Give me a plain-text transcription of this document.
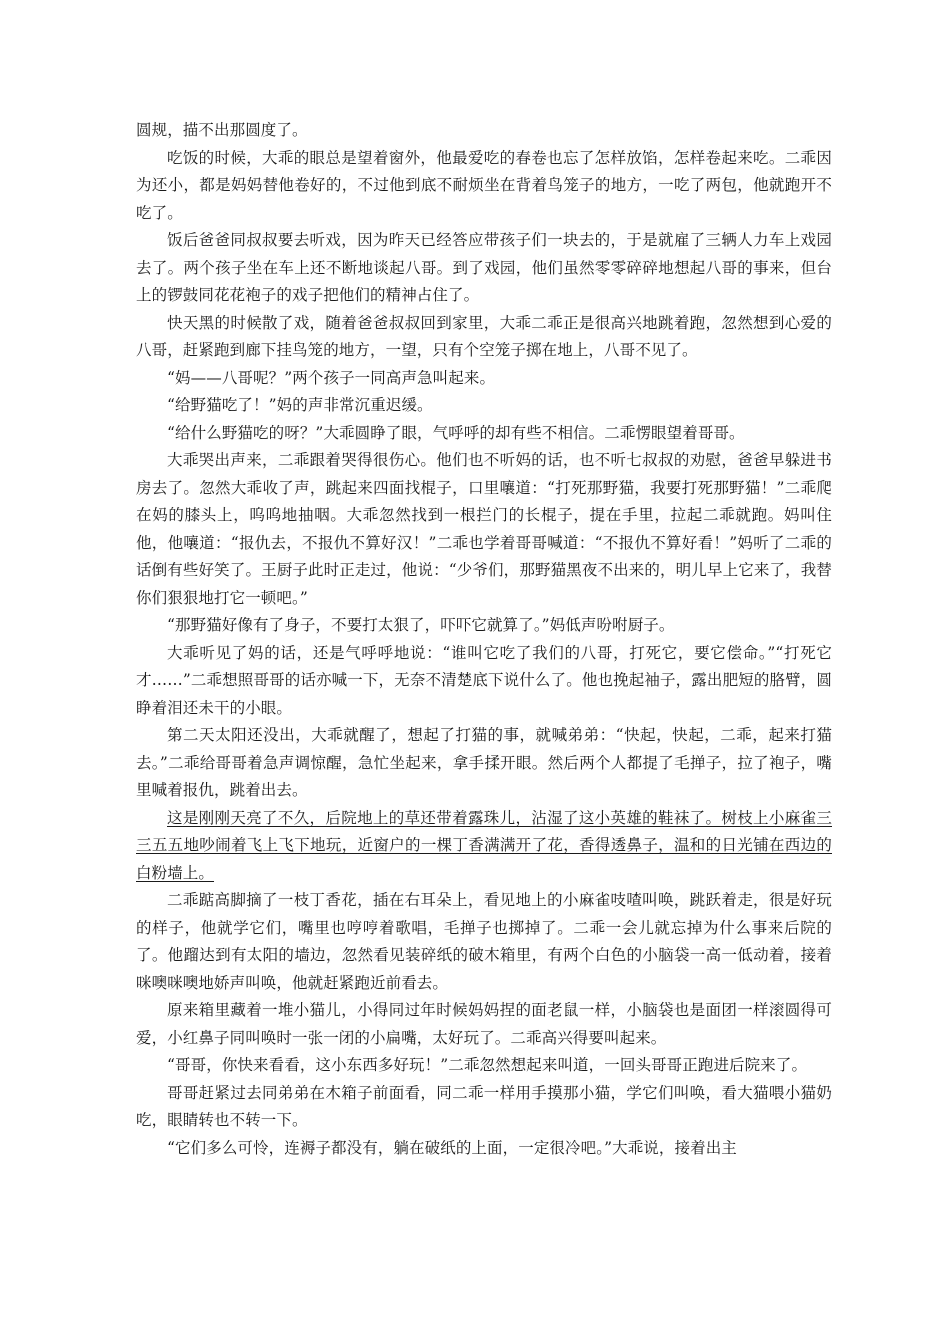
圆规，描不出那圆度了。

吃饭的时候，大乖的眼总是望着窗外，他最爱吃的春卷也忘了怎样放馅，怎样卷起来吃。二乖因为还小，都是妈妈替他卷好的，不过他到底不耐烦坐在背着鸟笼子的地方，一吃了两包，他就跑开不吃了。

饭后爸爸同叔叔要去听戏，因为昨天已经答应带孩子们一块去的，于是就雇了三辆人力车上戏园去了。两个孩子坐在车上还不断地谈起八哥。到了戏园，他们虽然零零碎碎地想起八哥的事来，但台上的锣鼓同花花袍子的戏子把他们的精神占住了。

快天黑的时候散了戏，随着爸爸叔叔回到家里，大乖二乖正是很高兴地跳着跑，忽然想到心爱的八哥，赶紧跑到廊下挂鸟笼的地方，一望，只有个空笼子掷在地上，八哥不见了。

“妈——八哥呢？”两个孩子一同高声急叫起来。

“给野猫吃了！”妈的声非常沉重迟缓。

“给什么野猫吃的呀？”大乖圆睁了眼，气呼呼的却有些不相信。二乖愣眼望着哥哥。

大乖哭出声来，二乖跟着哭得很伤心。他们也不听妈的话，也不听七叔叔的劝慰，爸爸早躲进书房去了。忽然大乖收了声，跳起来四面找棍子，口里嚷道：“打死那野猫，我要打死那野猫！”二乖爬在妈的膝头上，呜呜地抽咽。大乖忽然找到一根拦门的长棍子，提在手里，拉起二乖就跑。妈叫住他，他嚷道：“报仇去，不报仇不算好汉！”二乖也学着哥哥喊道：“不报仇不算好看！”妈听了二乖的话倒有些好笑了。王厨子此时正走过，他说：“少爷们，那野猫黑夜不出来的，明儿早上它来了，我替你们狠狠地打它一顿吧。”

“那野猫好像有了身子，不要打太狠了，吓吓它就算了。”妈低声吩咐厨子。

大乖听见了妈的话，还是气呼呼地说：“谁叫它吃了我们的八哥，打死它，要它偿命。”“打死它才……”二乖想照哥哥的话亦喊一下，无奈不清楚底下说什么了。他也挽起袖子，露出肥短的胳臂，圆睁着泪还未干的小眼。

第二天太阳还没出，大乖就醒了，想起了打猫的事，就喊弟弟：“快起，快起，二乖，起来打猫去。”二乖给哥哥着急声调惊醒，急忙坐起来，拿手揉开眼。然后两个人都提了毛掸子，拉了袍子，嘴里喊着报仇，跳着出去。

这是刚刚天亮了不久，后院地上的草还带着露珠儿，沾湿了这小英雄的鞋袜了。树枝上小麻雀三三五五地吵闹着飞上飞下地玩，近窗户的一棵丁香满满开了花，香得透鼻子，温和的日光铺在西边的白粉墙上。

二乖踮高脚摘了一枝丁香花，插在右耳朵上，看见地上的小麻雀吱喳叫唤，跳跃着走，很是好玩的样子，他就学它们，嘴里也哼哼着歌唱，毛掸子也掷掉了。二乖一会儿就忘掉为什么事来后院的了。他蹓达到有太阳的墙边，忽然看见装碎纸的破木箱里，有两个白色的小脑袋一高一低动着，接着咪噢咪噢地娇声叫唤，他就赶紧跑近前看去。

原来箱里藏着一堆小猫儿，小得同过年时候妈妈捏的面老鼠一样，小脑袋也是面团一样滚圆得可爱，小红鼻子同叫唤时一张一闭的小扁嘴，太好玩了。二乖高兴得要叫起来。

“哥哥，你快来看看，这小东西多好玩！”二乖忽然想起来叫道，一回头哥哥正跑进后院来了。

哥哥赶紧过去同弟弟在木箱子前面看，同二乖一样用手摸那小猫，学它们叫唤，看大猫喂小猫奶吃，眼睛转也不转一下。

“它们多么可怜，连褥子都没有，躺在破纸的上面，一定很冷吧。”大乖说，接着出主
